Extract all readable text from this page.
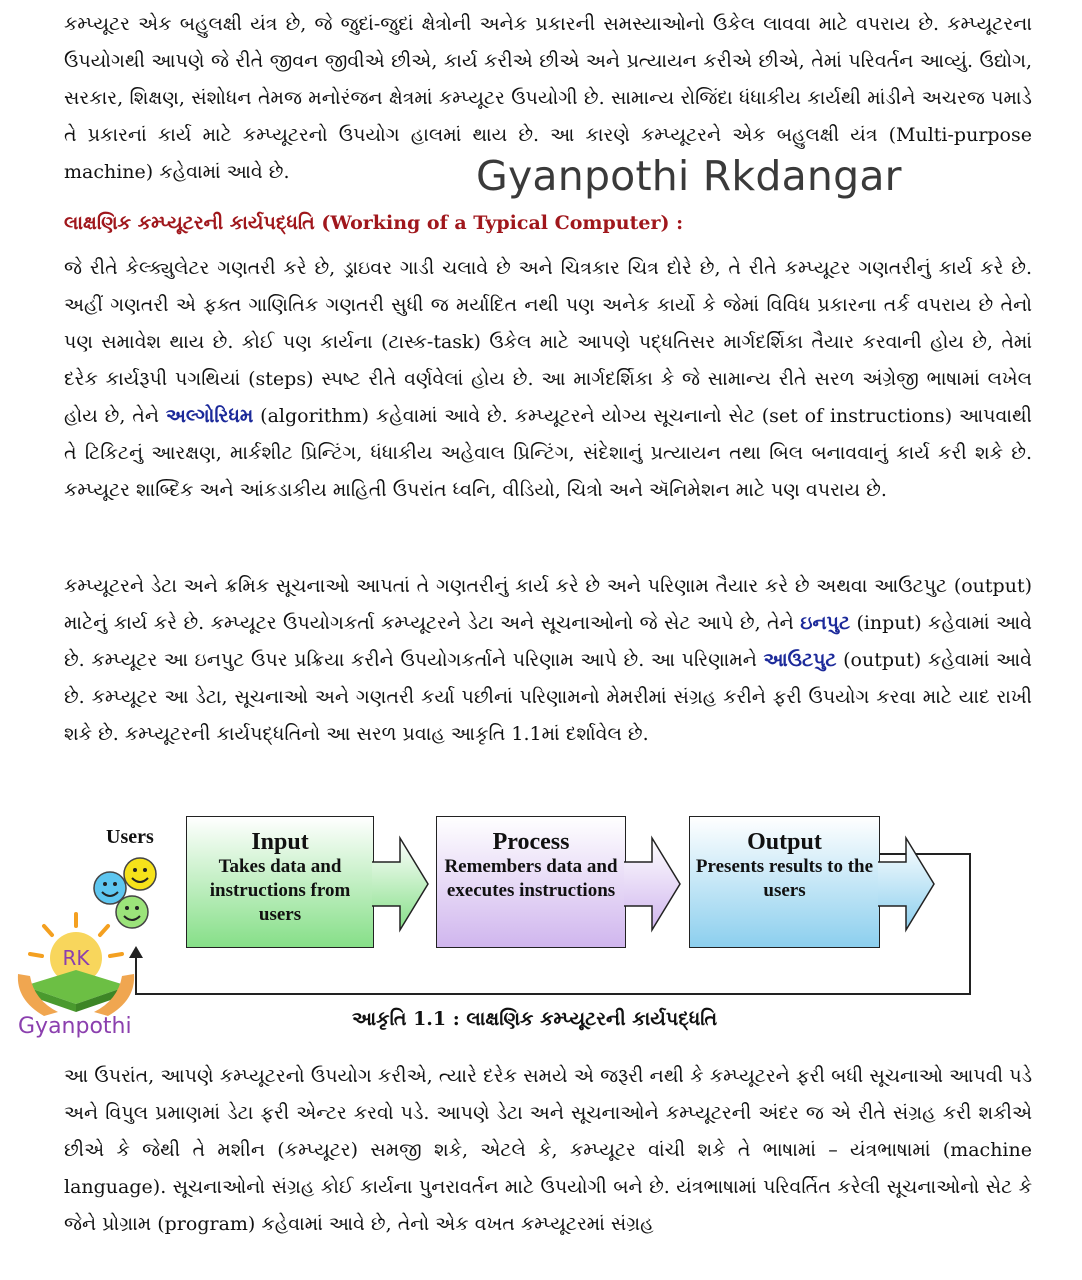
કમ્પ્યૂટર એક બહુલક્ષી યંત્ર છે, જે જુદાં-જુદાં ક્ષેત્રોની અનેક પ્રકારની સમસ્યાઓનો ઉકેલ લાવવા માટે વપરાય છે. કમ્પ્યૂટરના ઉપયોગથી આપણે જે રીતે જીવન જીવીએ છીએ, કાર્ય કરીએ છીએ અને પ્રત્યાયન કરીએ છીએ, તેમાં પરિવર્તન આવ્યું. ઉદ્યોગ, સરકાર, શિક્ષણ, સંશોધન તેમજ મનોરંજન ક્ષેત્રમાં કમ્પ્યૂટર ઉપયોગી છે. સામાન્ય રોજિંદા ધંધાકીય કાર્યથી માંડીને અચરજ પમાડે તે પ્રકારનાં કાર્ય માટે કમ્પ્યૂટરનો ઉપયોગ હાલમાં થાય છે. આ કારણે કમ્પ્યૂટરને એક બહુલક્ષી યંત્ર (Multi-purpose machine) કહેવામાં આવે છે.	Gyanpothi Rkdangar

લાક્ષણિક કમ્પ્યૂટરની કાર્યપદ્ધતિ (Working of a Typical Computer) :

જે રીતે કેલ્ક્યુલેટર ગણતરી કરે છે, ડ્રાઇવર ગાડી ચલાવે છે અને ચિત્રકાર ચિત્ર દોરે છે, તે રીતે કમ્પ્યૂટર ગણતરીનું કાર્ય કરે છે. અહીં ગણતરી એ ફક્ત ગાણિતિક ગણતરી સુધી જ મર્યાદિત નથી પણ અનેક કાર્યો કે જેમાં વિવિધ પ્રકારના તર્ક વપરાય છે તેનો પણ સમાવેશ થાય છે. કોઈ પણ કાર્યના (ટાસ્ક-task) ઉકેલ માટે આપણે પદ્ધતિસર માર્ગદર્શિકા તૈયાર કરવાની હોય છે, તેમાં દરેક કાર્યરૂપી પગથિયાં (steps) સ્પષ્ટ રીતે વર્ણવેલાં હોય છે. આ માર્ગદર્શિકા કે જે સામાન્ય રીતે સરળ અંગ્રેજી ભાષામાં લખેલ હોય છે, તેને અલ્ગોરિધમ (algorithm) કહેવામાં આવે છે. કમ્પ્યૂટરને યોગ્ય સૂચનાનો સેટ (set of instructions) આપવાથી તે ટિકિટનું આરક્ષણ, માર્કશીટ પ્રિન્ટિંગ, ધંધાકીય અહેવાલ પ્રિન્ટિંગ, સંદેશાનું પ્રત્યાયન તથા બિલ બનાવવાનું કાર્ય કરી શકે છે. કમ્પ્યૂટર શાબ્દિક અને આંકડાકીય માહિતી ઉપરાંત ધ્વનિ, વીડિયો, ચિત્રો અને ઍનિમેશન માટે પણ વપરાય છે.

કમ્પ્યૂટરને ડેટા અને ક્રમિક સૂચનાઓ આપતાં તે ગણતરીનું કાર્ય કરે છે અને પરિણામ તૈયાર કરે છે અથવા આઉટપુટ (output) માટેનું કાર્ય કરે છે. કમ્પ્યૂટર ઉપયોગકર્તા કમ્પ્યૂટરને ડેટા અને સૂચનાઓનો જે સેટ આપે છે, તેને ઇનપુટ (input) કહેવામાં આવે છે. કમ્પ્યૂટર આ ઇનપુટ ઉપર પ્રક્રિયા કરીને ઉપયોગકર્તાને પરિણામ આપે છે. આ પરિણામને આઉટપુટ (output) કહેવામાં આવે છે. કમ્પ્યૂટર આ ડેટા, સૂચનાઓ અને ગણતરી કર્યા પછીનાં પરિણામનો મેમરીમાં સંગ્રહ કરીને ફરી ઉપયોગ કરવા માટે યાદ રાખી શકે છે. કમ્પ્યૂટરની કાર્યપદ્ધતિનો આ સરળ પ્રવાહ આકૃતિ 1.1માં દર્શાવેલ છે.

Users	Input
Takes data and instructions from users
Process
Remembers data and executes instructions
Output
Presents results to the users
RK
Gyanpothi	આકૃતિ 1.1 : લાક્ષણિક કમ્પ્યૂટરની કાર્યપદ્ધતિ

આ ઉપરાંત, આપણે કમ્પ્યૂટરનો ઉપયોગ કરીએ, ત્યારે દરેક સમયે એ જરૂરી નથી કે કમ્પ્યૂટરને ફરી બધી સૂચનાઓ આપવી પડે અને વિપુલ પ્રમાણમાં ડેટા ફરી એન્ટર કરવો પડે. આપણે ડેટા અને સૂચનાઓને કમ્પ્યૂટરની અંદર જ એ રીતે સંગ્રહ કરી શકીએ છીએ કે જેથી તે મશીન (કમ્પ્યૂટર) સમજી શકે, એટલે કે, કમ્પ્યૂટર વાંચી શકે તે ભાષામાં – યંત્રભાષામાં (machine language). સૂચનાઓનો સંગ્રહ કોઈ કાર્યના પુનરાવર્તન માટે ઉપયોગી બને છે. યંત્રભાષામાં પરિવર્તિત કરેલી સૂચનાઓનો સેટ કે જેને પ્રોગ્રામ (program) કહેવામાં આવે છે, તેનો એક વખત કમ્પ્યૂટરમાં સંગ્રહ
